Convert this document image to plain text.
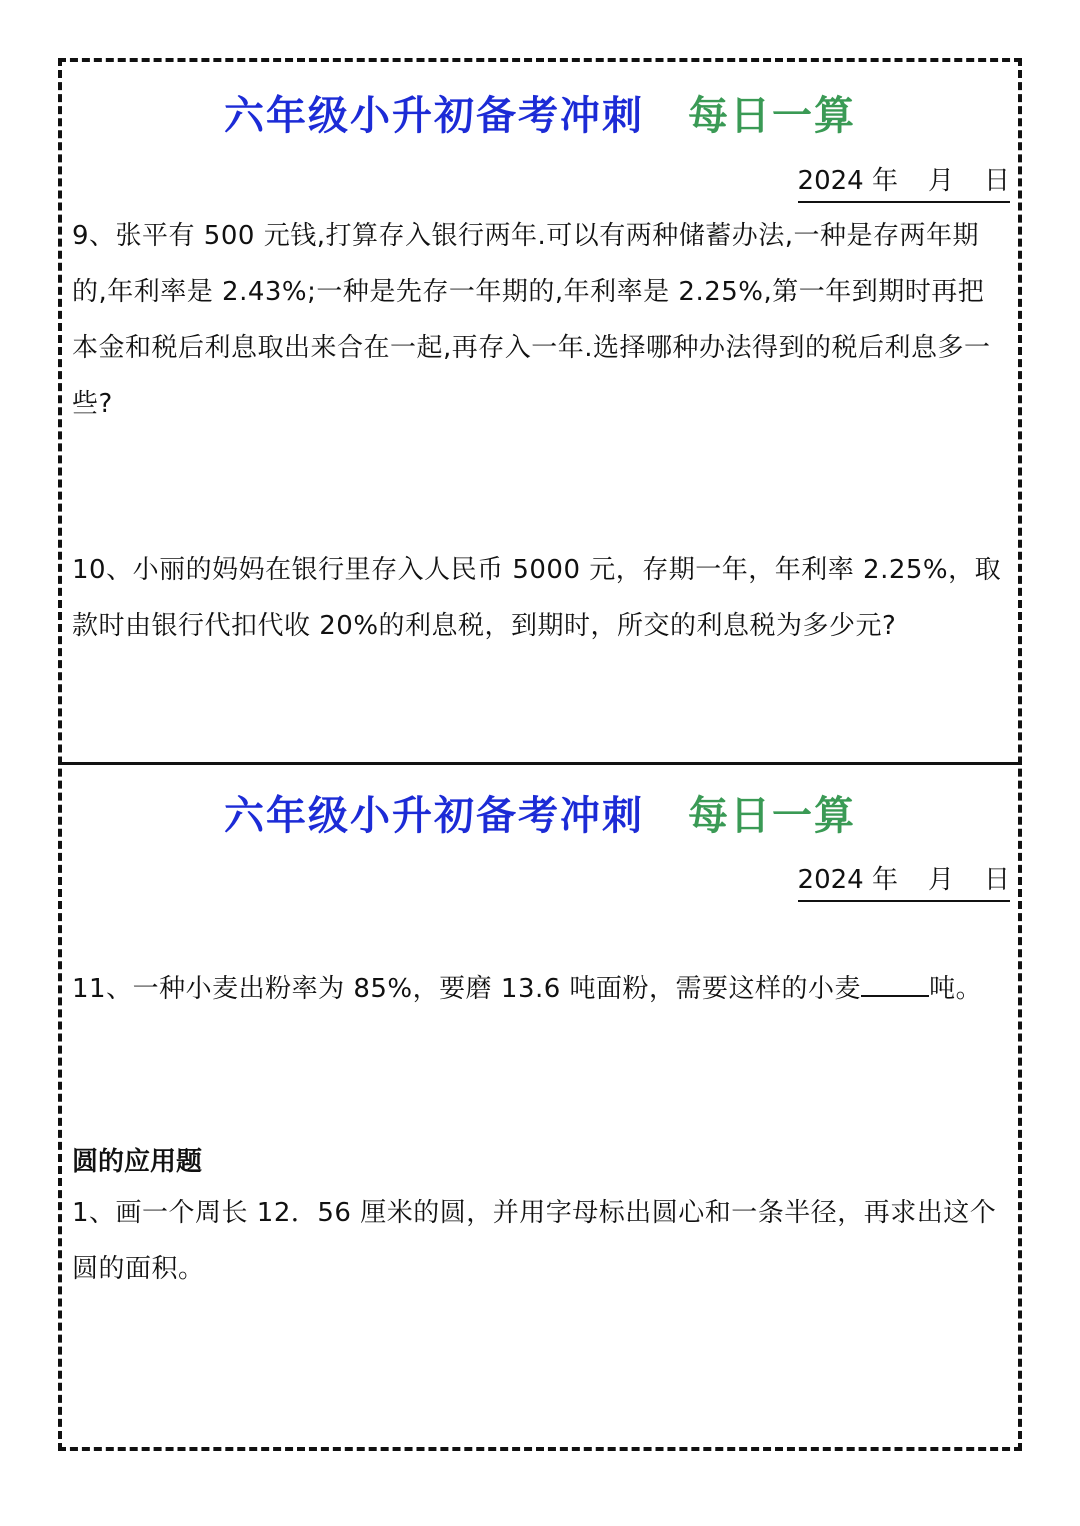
六年级小升初备考冲刺 每日一算
2024 年 月 日
9、张平有 500 元钱,打算存入银行两年.可以有两种储蓄办法,一种是存两年期的,年利率是 2.43%;一种是先存一年期的,年利率是 2.25%,第一年到期时再把本金和税后利息取出来合在一起,再存入一年.选择哪种办法得到的税后利息多一些?
10、小丽的妈妈在银行里存入人民币 5000 元，存期一年，年利率 2.25%，取款时由银行代扣代收 20%的利息税，到期时，所交的利息税为多少元?
六年级小升初备考冲刺 每日一算
2024 年 月 日
11、一种小麦出粉率为 85%，要磨 13.6 吨面粉，需要这样的小麦	吨。
圆的应用题
1、画一个周长 12．56 厘米的圆，并用字母标出圆心和一条半径，再求出这个圆的面积。
